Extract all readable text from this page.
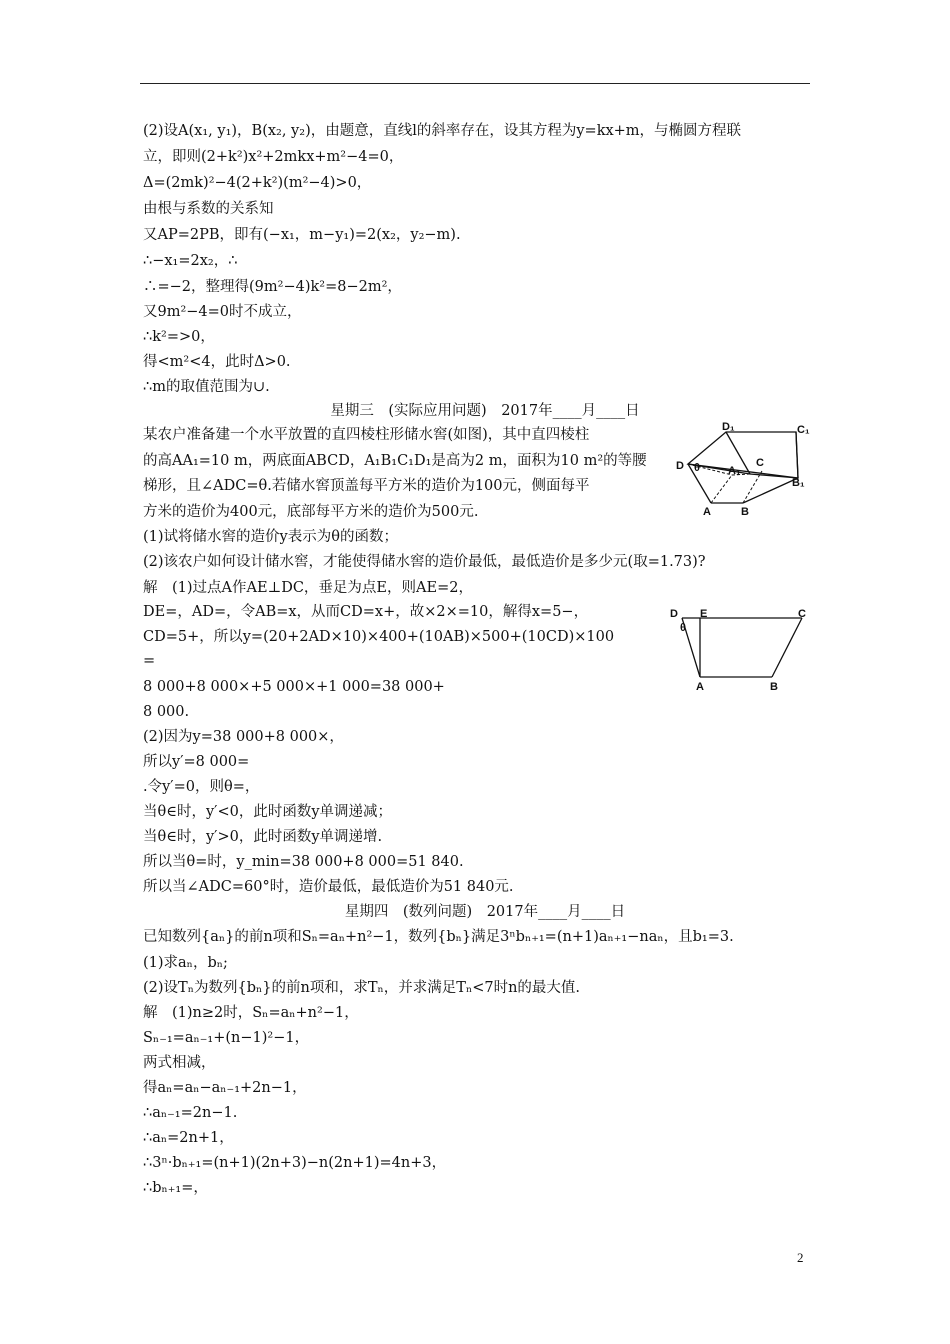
(2)设A(x₁, y₁)，B(x₂, y₂)，由题意，直线l的斜率存在，设其方程为y=kx+m，与椭圆方程联
立，即则(2+k²)x²+2mkx+m²−4=0，
Δ=(2mk)²−4(2+k²)(m²−4)>0，
由根与系数的关系知
又AP=2PB，即有(−x₁，m−y₁)=2(x₂，y₂−m).
∴−x₁=2x₂，∴
∴=−2，整理得(9m²−4)k²=8−2m²，
又9m²−4=0时不成立，
∴k²=>0，
得<m²<4，此时Δ>0.
∴m的取值范围为∪.
星期三　(实际应用问题)　2017年____月____日
某农户准备建一个水平放置的直四棱柱形储水窖(如图)，其中直四棱柱
的高AA₁=10 m，两底面ABCD，A₁B₁C₁D₁是高为2 m，面积为10 m²的等腰
梯形，且∠ADC=θ.若储水窖顶盖每平方米的造价为100元，侧面每平
方米的造价为400元，底部每平方米的造价为500元.
(1)试将储水窖的造价y表示为θ的函数；
(2)该农户如何设计储水窖，才能使得储水窖的造价最低，最低造价是多少元(取=1.73)?
解　(1)过点A作AE⊥DC，垂足为点E，则AE=2，
DE=，AD=，令AB=x，从而CD=x+，故×2×=10，解得x=5−，
CD=5+，所以y=(20+2AD×10)×400+(10AB)×500+(10CD)×100
=
8 000+8 000×+5 000×+1 000=38 000+
8 000.
(2)因为y=38 000+8 000×，
所以y′=8 000=
.令y′=0，则θ=，
当θ∈时，y′<0，此时函数y单调递减；
当θ∈时，y′>0，此时函数y单调递增.
所以当θ=时，y_min=38 000+8 000=51 840.
所以当∠ADC=60°时，造价最低，最低造价为51 840元.
星期四　(数列问题)　2017年____月____日
已知数列{aₙ}的前n项和Sₙ=aₙ+n²−1，数列{bₙ}满足3ⁿbₙ₊₁=(n+1)aₙ₊₁−naₙ，且b₁=3.
(1)求aₙ，bₙ;
(2)设Tₙ为数列{bₙ}的前n项和，求Tₙ，并求满足Tₙ<7时n的最大值.
解　(1)n≥2时，Sₙ=aₙ+n²−1，
Sₙ₋₁=aₙ₋₁+(n−1)²−1，
两式相减，
得aₙ=aₙ−aₙ₋₁+2n−1，
∴aₙ₋₁=2n−1.
∴aₙ=2n+1，
∴3ⁿ·bₙ₊₁=(n+1)(2n+3)−n(2n+1)=4n+3，
∴bₙ₊₁=，
D₁	C₁
D θ	A₁
C
B₁
A	B
D E	C
θ
A	B
2
